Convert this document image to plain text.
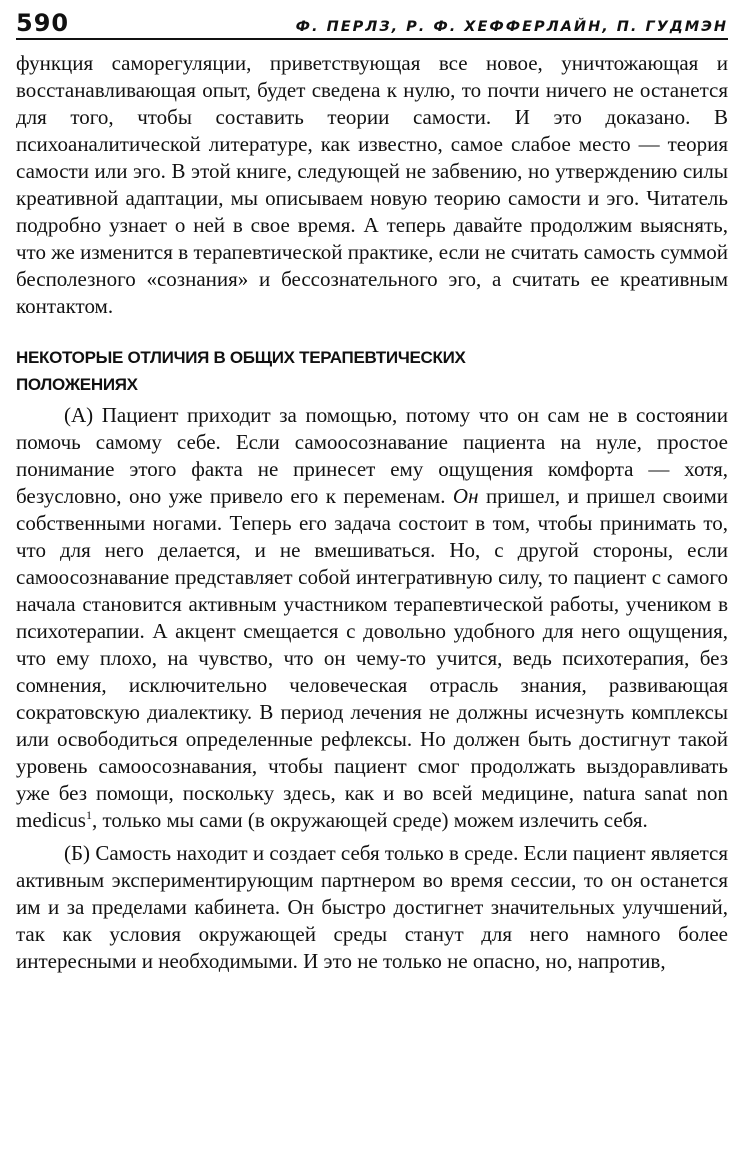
590	Ф. ПЕРЛЗ, Р. Ф. ХЕФФЕРЛАЙН, П. ГУДМЭН

функция саморегуляции, приветствующая все новое, уничтожающая и восстанавливающая опыт, будет сведена к нулю, то почти ничего не останется для того, чтобы составить теории самости. И это доказано. В психоаналитической литературе, как известно, самое слабое место — теория самости или эго. В этой книге, следующей не забвению, но утверждению силы креативной адаптации, мы описываем новую теорию самости и эго. Читатель подробно узнает о ней в свое время. А теперь давайте продолжим выяснять, что же изменится в терапевтической практике, если не считать самость суммой бесполезного «сознания» и бессознательного эго, а считать ее креативным контактом.

НЕКОТОРЫЕ ОТЛИЧИЯ В ОБЩИХ ТЕРАПЕВТИЧЕСКИХ
ПОЛОЖЕНИЯХ

(А) Пациент приходит за помощью, потому что он сам не в состоянии помочь самому себе. Если самоосознавание пациента на нуле, простое понимание этого факта не принесет ему ощущения комфорта — хотя, безусловно, оно уже привело его к переменам. Он пришел, и пришел своими собственными ногами. Теперь его задача состоит в том, чтобы принимать то, что для него делается, и не вмешиваться. Но, с другой стороны, если самоосознавание представляет собой интегративную силу, то пациент с самого начала становится активным участником терапевтической работы, учеником в психотерапии. А акцент смещается с довольно удобного для него ощущения, что ему плохо, на чувство, что он чему-то учится, ведь психотерапия, без сомнения, исключительно человеческая отрасль знания, развивающая сократовскую диалектику. В период лечения не должны исчезнуть комплексы или освободиться определенные рефлексы. Но должен быть достигнут такой уровень самоосознавания, чтобы пациент смог продолжать выздоравливать уже без помощи, поскольку здесь, как и во всей медицине, natura sanat non medicus$^1$, только мы сами (в окружающей среде) можем излечить себя.

(Б) Самость находит и создает себя только в среде. Если пациент является активным экспериментирующим партнером во время сессии, то он останется им и за пределами кабинета. Он быстро достигнет значительных улучшений, так как условия окружающей среды станут для него намного более интересными и необходимыми. И это не только не опасно, но, напротив,
